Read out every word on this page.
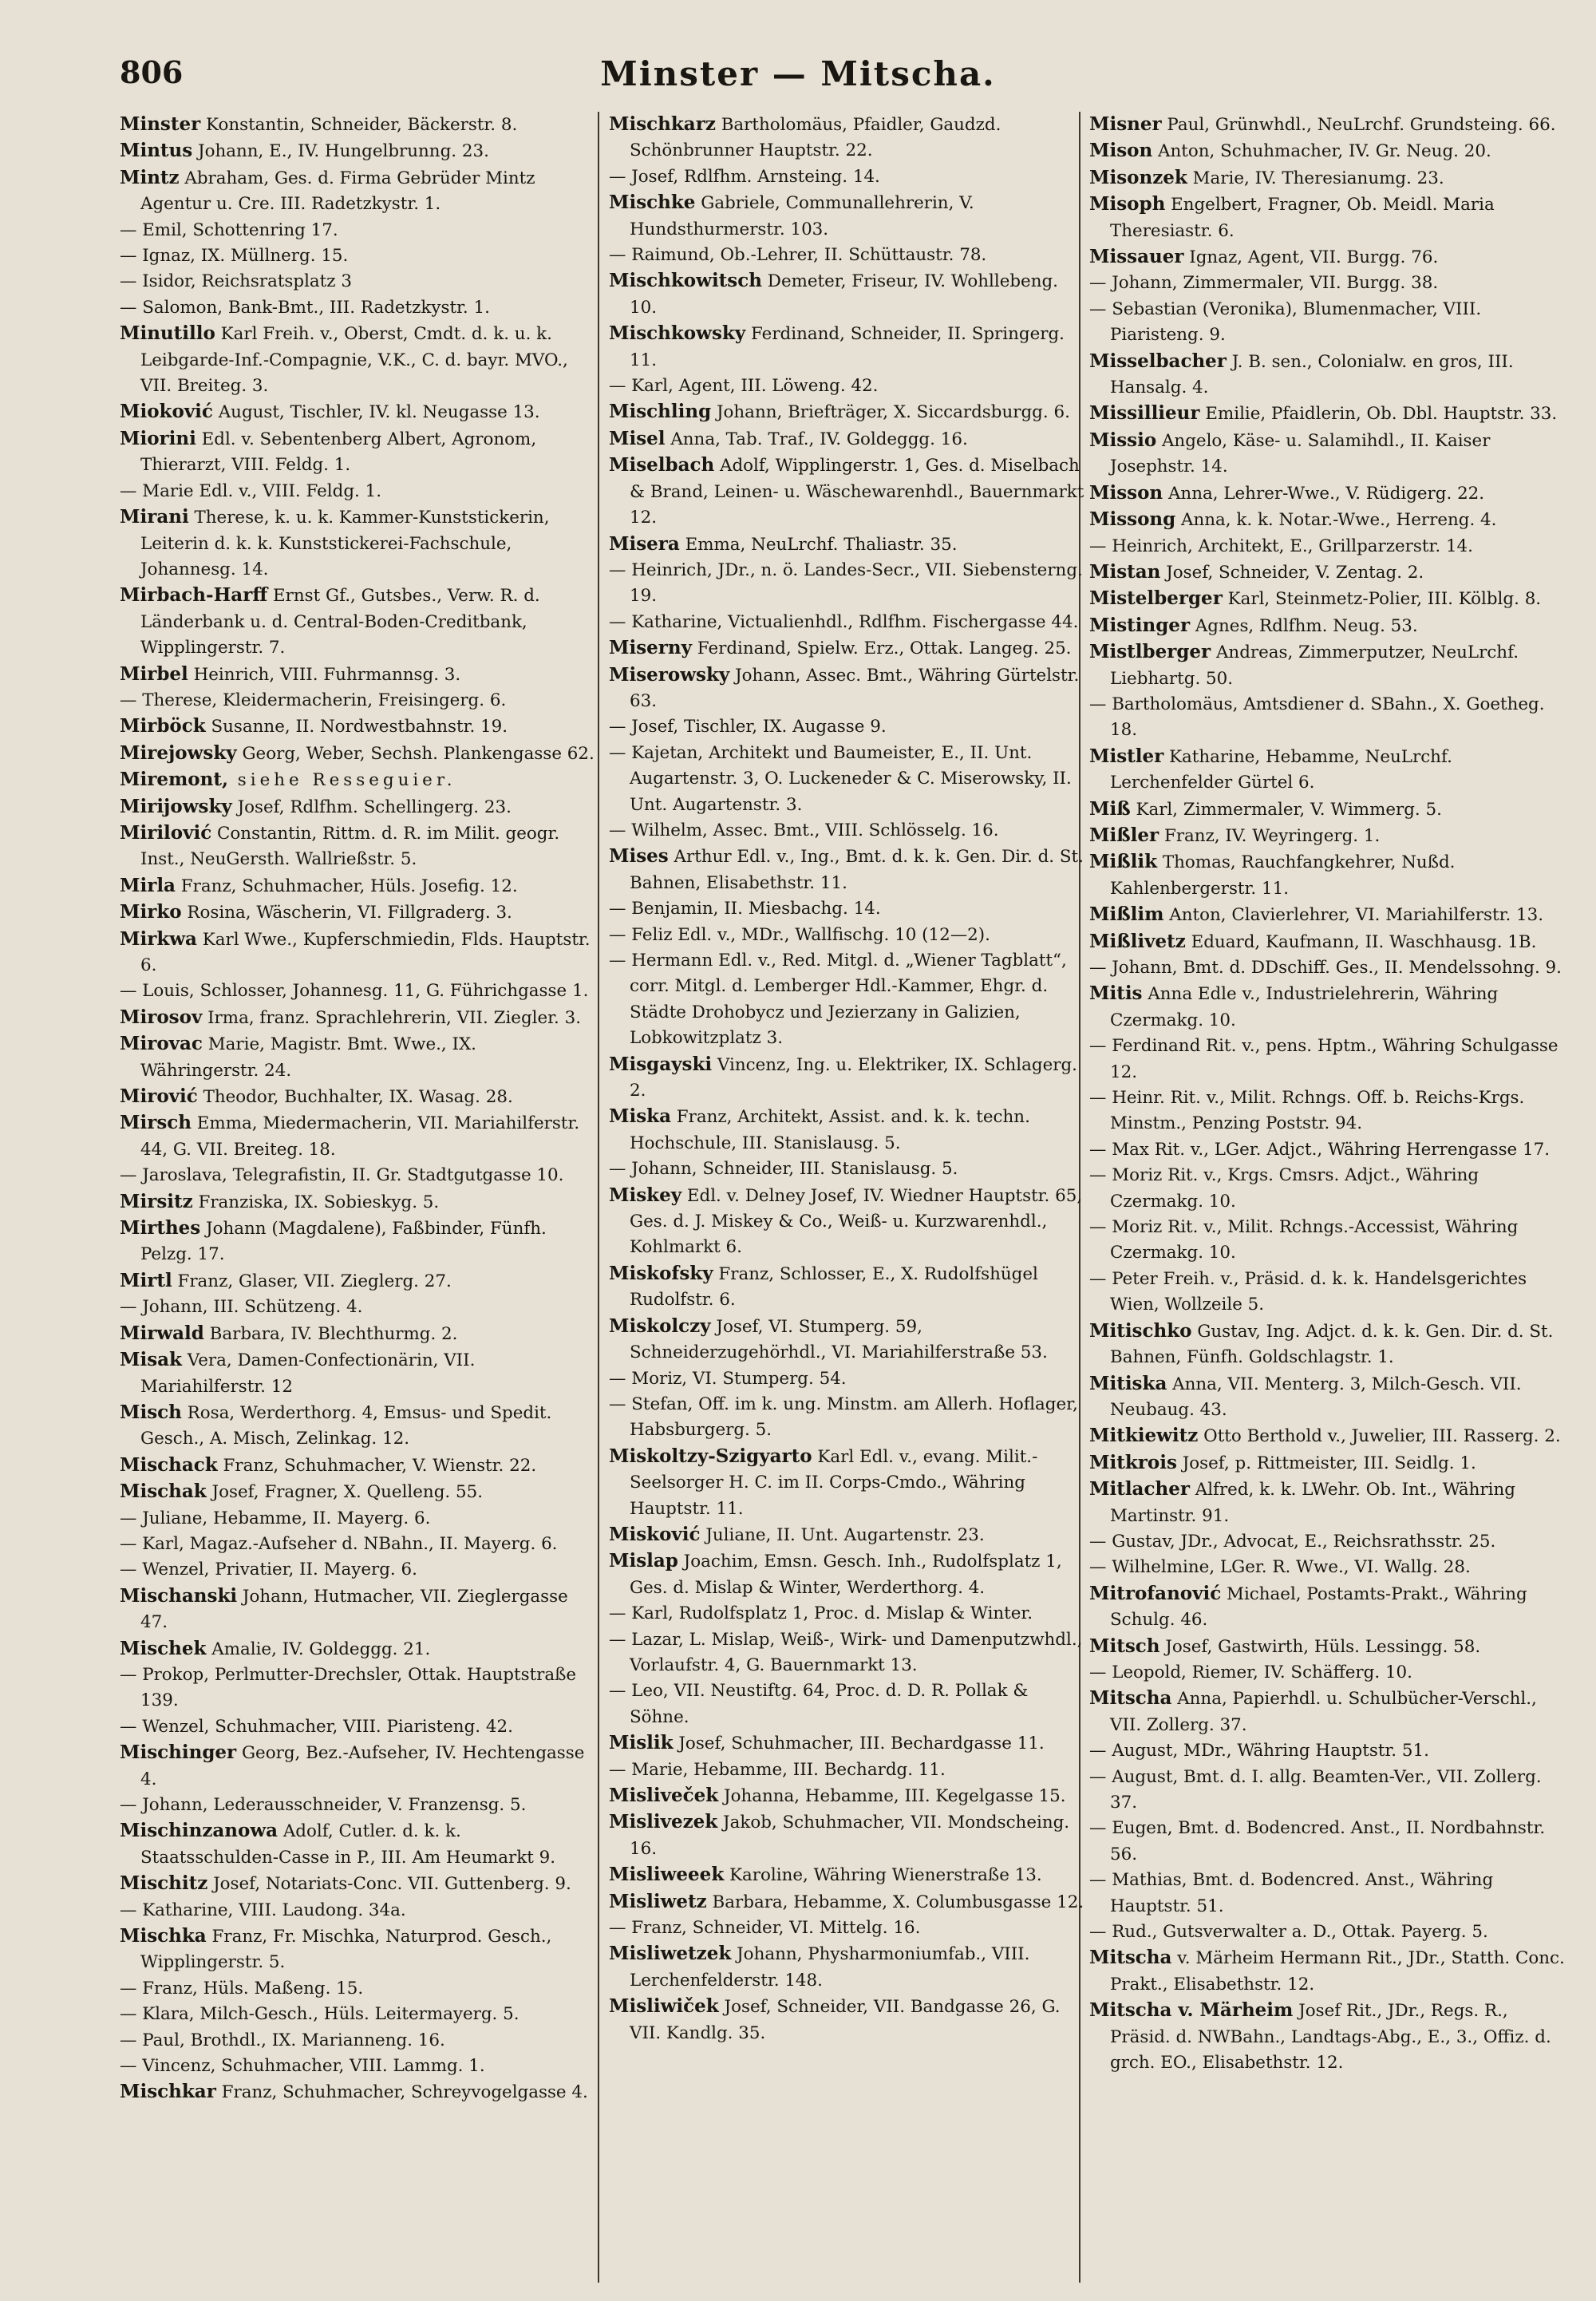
Minster — Mitscha.
806
Minster Konstantin, Schneider, Bäckerstr. 8.
Mintus Johann, E., IV. Hungelbrunng. 23.
Mintz Abraham, Ges. d. Firma Gebrüder Mintz Agentur u. Cre. III. Radetzkystr. 1.
— Emil, Schottenring 17.
— Ignaz, IX. Müllnerg. 15.
— Isidor, Reichsratsplatz 3
— Salomon, Bank-Bmt., III. Radetzkystr. 1.
Minutillo Karl Freih. v., Oberst, Cmdt. d. k. u. k. Leibgarde-Inf.-Compagnie, V.K., C. d. bayr. MVO., VII. Breiteg. 3.
Mioković August, Tischler, IV. kl. Neugasse 13.
Miorini Edl. v. Sebentenberg Albert, Agronom, Thierarzt, VIII. Feldg. 1.
— Marie Edl. v., VIII. Feldg. 1.
Mirani Therese, k. u. k. Kammer-Kunststickerin, Leiterin d. k. k. Kunststickerei-Fachschule, Johannesg. 14.
Mirbach-Harff Ernst Gf., Gutsbes., Verw. R. d. Länderbank u. d. Central-Boden-Creditbank, Wipplingerstr. 7.
Mirbel Heinrich, VIII. Fuhrmannsg. 3.
— Therese, Kleidermacherin, Freisingerg. 6.
Mirböck Susanne, II. Nordwestbahnstr. 19.
Mirejowsky Georg, Weber, Sechsh. Plankengasse 62.
Miremont, siehe Resseguier.
Mirijowsky Josef, Rdlfhm. Schellingerg. 23.
Mirilović Constantin, Rittm. d. R. im Milit. geogr. Inst., NeuGersth. Wallrießstr. 5.
Mirla Franz, Schuhmacher, Hüls. Josefig. 12.
Mirko Rosina, Wäscherin, VI. Fillgraderg. 3.
Mirkwa Karl Wwe., Kupferschmiedin, Flds. Hauptstr. 6.
— Louis, Schlosser, Johannesg. 11, G. Führichgasse 1.
Mirosov Irma, franz. Sprachlehrerin, VII. Ziegler. 3.
Mirovac Marie, Magistr. Bmt. Wwe., IX. Währingerstr. 24.
Mirović Theodor, Buchhalter, IX. Wasag. 28.
Mirsch Emma, Miedermacherin, VII. Mariahilferstr. 44, G. VII. Breiteg. 18.
— Jaroslava, Telegrafistin, II. Gr. Stadtgutgasse 10.
Mirsitz Franziska, IX. Sobieskyg. 5.
Mirthes Johann (Magdalene), Faßbinder, Fünfh. Pelzg. 17.
Mirtl Franz, Glaser, VII. Zieglerg. 27.
— Johann, III. Schützeng. 4.
Mirwald Barbara, IV. Blechthurmg. 2.
Misak Vera, Damen-Confectionärin, VII. Mariahilferstr. 12
Misch Rosa, Werderthorg. 4, Emsus- und Spedit. Gesch., A. Misch, Zelinkag. 12.
Mischack Franz, Schuhmacher, V. Wienstr. 22.
Mischak Josef, Fragner, X. Quelleng. 55.
— Juliane, Hebamme, II. Mayerg. 6.
— Karl, Magaz.-Aufseher d. NBahn., II. Mayerg. 6.
— Wenzel, Privatier, II. Mayerg. 6.
Mischanski Johann, Hutmacher, VII. Zieglergasse 47.
Mischek Amalie, IV. Goldeggg. 21.
— Prokop, Perlmutter-Drechsler, Ottak. Hauptstraße 139.
— Wenzel, Schuhmacher, VIII. Piaristeng. 42.
Mischinger Georg, Bez.-Aufseher, IV. Hechtengasse 4.
— Johann, Lederausschneider, V. Franzensg. 5.
Mischinzanowa Adolf, Cutler. d. k. k. Staatsschulden-Casse in P., III. Am Heumarkt 9.
Mischitz Josef, Notariats-Conc. VII. Guttenberg. 9.
— Katharine, VIII. Laudong. 34a.
Mischka Franz, Fr. Mischka, Naturprod. Gesch., Wipplingerstr. 5.
— Franz, Hüls. Maßeng. 15.
— Klara, Milch-Gesch., Hüls. Leitermayerg. 5.
— Paul, Brothdl., IX. Marianneng. 16.
— Vincenz, Schuhmacher, VIII. Lammg. 1.
Mischkar Franz, Schuhmacher, Schreyvogelgasse 4.
Mischkarz Bartholomäus, Pfaidler, Gaudzd. Schönbrunner Hauptstr. 22.
— Josef, Rdlfhm. Arnsteing. 14.
Mischke Gabriele, Communallehrerin, V. Hundsthurmerstr. 103.
— Raimund, Ob.-Lehrer, II. Schüttaustr. 78.
Mischkowitsch Demeter, Friseur, IV. Wohllebeng. 10.
Mischkowsky Ferdinand, Schneider, II. Springerg. 11.
— Karl, Agent, III. Löweng. 42.
Mischling Johann, Briefträger, X. Siccardsburgg. 6.
Misel Anna, Tab. Traf., IV. Goldeggg. 16.
Miselbach Adolf, Wipplingerstr. 1, Ges. d. Miselbach & Brand, Leinen- u. Wäschewarenhdl., Bauernmarkt 12.
Misera Emma, NeuLrchf. Thaliastr. 35.
— Heinrich, JDr., n. ö. Landes-Secr., VII. Siebensterng. 19.
— Katharine, Victualienhdl., Rdlfhm. Fischergasse 44.
Miserny Ferdinand, Spielw. Erz., Ottak. Langeg. 25.
Miserowsky Johann, Assec. Bmt., Währing Gürtelstr. 63.
— Josef, Tischler, IX. Augasse 9.
— Kajetan, Architekt und Baumeister, E., II. Unt. Augartenstr. 3, O. Luckeneder & C. Miserowsky, II. Unt. Augartenstr. 3.
— Wilhelm, Assec. Bmt., VIII. Schlösselg. 16.
Mises Arthur Edl. v., Ing., Bmt. d. k. k. Gen. Dir. d. St. Bahnen, Elisabethstr. 11.
— Benjamin, II. Miesbachg. 14.
— Feliz Edl. v., MDr., Wallfischg. 10 (12—2).
— Hermann Edl. v., Red. Mitgl. d. „Wiener Tagblatt“, corr. Mitgl. d. Lemberger Hdl.-Kammer, Ehgr. d. Städte Drohobycz und Jezierzany in Galizien, Lobkowitzplatz 3.
Misgayski Vincenz, Ing. u. Elektriker, IX. Schlagerg. 2.
Miska Franz, Architekt, Assist. and. k. k. techn. Hochschule, III. Stanislausg. 5.
— Johann, Schneider, III. Stanislausg. 5.
Miskey Edl. v. Delney Josef, IV. Wiedner Hauptstr. 65, Ges. d. J. Miskey & Co., Weiß- u. Kurzwarenhdl., Kohlmarkt 6.
Miskofsky Franz, Schlosser, E., X. Rudolfshügel Rudolfstr. 6.
Miskolczy Josef, VI. Stumperg. 59, Schneiderzugehörhdl., VI. Mariahilferstraße 53.
— Moriz, VI. Stumperg. 54.
— Stefan, Off. im k. ung. Minstm. am Allerh. Hoflager, Habsburgerg. 5.
Miskoltzy-Szigyarto Karl Edl. v., evang. Milit.-Seelsorger H. C. im II. Corps-Cmdo., Währing Hauptstr. 11.
Misković Juliane, II. Unt. Augartenstr. 23.
Mislap Joachim, Emsn. Gesch. Inh., Rudolfsplatz 1, Ges. d. Mislap & Winter, Werderthorg. 4.
— Karl, Rudolfsplatz 1, Proc. d. Mislap & Winter.
— Lazar, L. Mislap, Weiß-, Wirk- und Damenputzwhdl., Vorlaufstr. 4, G. Bauernmarkt 13.
— Leo, VII. Neustiftg. 64, Proc. d. D. R. Pollak & Söhne.
Mislik Josef, Schuhmacher, III. Bechardgasse 11.
— Marie, Hebamme, III. Bechardg. 11.
Misliveček Johanna, Hebamme, III. Kegelgasse 15.
Mislivezek Jakob, Schuhmacher, VII. Mondscheing. 16.
Misliweeek Karoline, Währing Wienerstraße 13.
Misliwetz Barbara, Hebamme, X. Columbusgasse 12.
— Franz, Schneider, VI. Mittelg. 16.
Misliwetzek Johann, Physharmoniumfab., VIII. Lerchenfelderstr. 148.
Misliwiček Josef, Schneider, VII. Bandgasse 26, G. VII. Kandlg. 35.
Misner Paul, Grünwhdl., NeuLrchf. Grundsteing. 66.
Mison Anton, Schuhmacher, IV. Gr. Neug. 20.
Misonzek Marie, IV. Theresianumg. 23.
Misoph Engelbert, Fragner, Ob. Meidl. Maria Theresiastr. 6.
Missauer Ignaz, Agent, VII. Burgg. 76.
— Johann, Zimmermaler, VII. Burgg. 38.
— Sebastian (Veronika), Blumenmacher, VIII. Piaristeng. 9.
Misselbacher J. B. sen., Colonialw. en gros, III. Hansalg. 4.
Missillieur Emilie, Pfaidlerin, Ob. Dbl. Hauptstr. 33.
Missio Angelo, Käse- u. Salamihdl., II. Kaiser Josephstr. 14.
Misson Anna, Lehrer-Wwe., V. Rüdigerg. 22.
Missong Anna, k. k. Notar.-Wwe., Herreng. 4.
— Heinrich, Architekt, E., Grillparzerstr. 14.
Mistan Josef, Schneider, V. Zentag. 2.
Mistelberger Karl, Steinmetz-Polier, III. Kölblg. 8.
Mistinger Agnes, Rdlfhm. Neug. 53.
Mistlberger Andreas, Zimmerputzer, NeuLrchf. Liebhartg. 50.
— Bartholomäus, Amtsdiener d. SBahn., X. Goetheg. 18.
Mistler Katharine, Hebamme, NeuLrchf. Lerchenfelder Gürtel 6.
Miß Karl, Zimmermaler, V. Wimmerg. 5.
Mißler Franz, IV. Weyringerg. 1.
Mißlik Thomas, Rauchfangkehrer, Nußd. Kahlenbergerstr. 11.
Mißlim Anton, Clavierlehrer, VI. Mariahilferstr. 13.
Mißlivetz Eduard, Kaufmann, II. Waschhausg. 1B.
— Johann, Bmt. d. DDschiff. Ges., II. Mendelssohng. 9.
Mitis Anna Edle v., Industrielehrerin, Währing Czermakg. 10.
— Ferdinand Rit. v., pens. Hptm., Währing Schulgasse 12.
— Heinr. Rit. v., Milit. Rchngs. Off. b. Reichs-Krgs. Minstm., Penzing Poststr. 94.
— Max Rit. v., LGer. Adjct., Währing Herrengasse 17.
— Moriz Rit. v., Krgs. Cmsrs. Adjct., Währing Czermakg. 10.
— Moriz Rit. v., Milit. Rchngs.-Accessist, Währing Czermakg. 10.
— Peter Freih. v., Präsid. d. k. k. Handelsgerichtes Wien, Wollzeile 5.
Mitischko Gustav, Ing. Adjct. d. k. k. Gen. Dir. d. St. Bahnen, Fünfh. Goldschlagstr. 1.
Mitiska Anna, VII. Menterg. 3, Milch-Gesch. VII. Neubaug. 43.
Mitkiewitz Otto Berthold v., Juwelier, III. Rasserg. 2.
Mitkrois Josef, p. Rittmeister, III. Seidlg. 1.
Mitlacher Alfred, k. k. LWehr. Ob. Int., Währing Martinstr. 91.
— Gustav, JDr., Advocat, E., Reichsrathsstr. 25.
— Wilhelmine, LGer. R. Wwe., VI. Wallg. 28.
Mitrofanović Michael, Postamts-Prakt., Währing Schulg. 46.
Mitsch Josef, Gastwirth, Hüls. Lessingg. 58.
— Leopold, Riemer, IV. Schäfferg. 10.
Mitscha Anna, Papierhdl. u. Schulbücher-Verschl., VII. Zollerg. 37.
— August, MDr., Währing Hauptstr. 51.
— August, Bmt. d. I. allg. Beamten-Ver., VII. Zollerg. 37.
— Eugen, Bmt. d. Bodencred. Anst., II. Nordbahnstr. 56.
— Mathias, Bmt. d. Bodencred. Anst., Währing Hauptstr. 51.
— Rud., Gutsverwalter a. D., Ottak. Payerg. 5.
Mitscha v. Märheim Hermann Rit., JDr., Statth. Conc. Prakt., Elisabethstr. 12.
Mitscha v. Märheim Josef Rit., JDr., Regs. R., Präsid. d. NWBahn., Landtags-Abg., E., 3., Offiz. d. grch. EO., Elisabethstr. 12.
